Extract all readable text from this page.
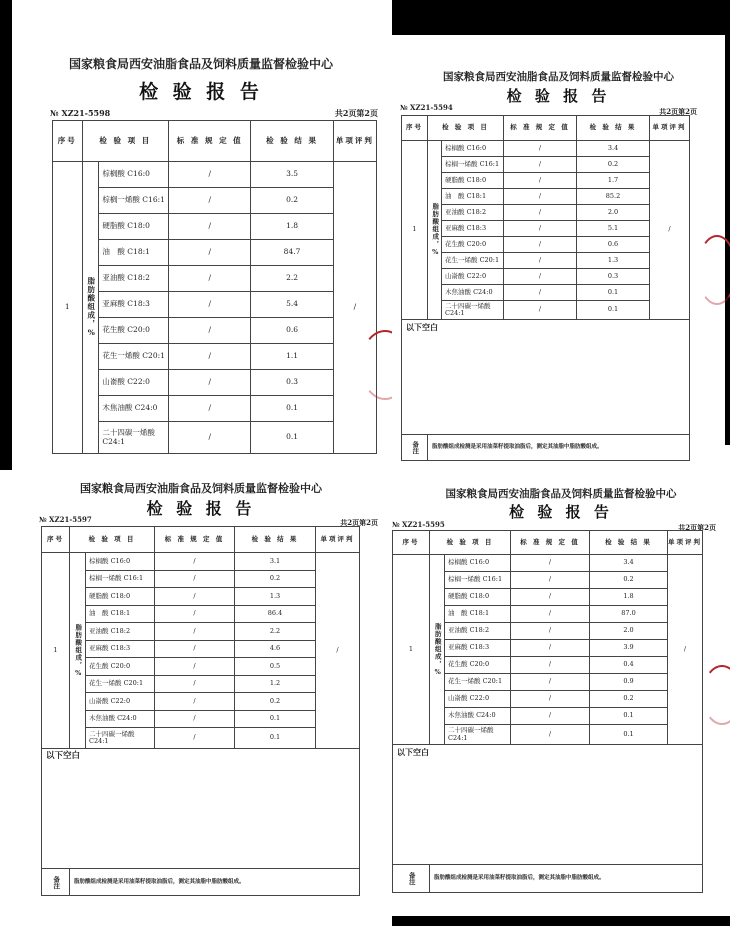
国家粮食局西安油脂食品及饲料质量监督检验中心
检 验 报 告
№ XZ21-5598	共2页第2页
序号	检 验 项 目		标 准 规 定 值	检 验 结 果	单项评判
1	脂肪酸组成，%	棕榈酸 C16:0	/	3.5	/
		棕榈一烯酸 C16:1	/	0.2	
		硬脂酸 C18:0	/	1.8	
		油　酸 C18:1	/	84.7	
		亚油酸 C18:2	/	2.2	
		亚麻酸 C18:3	/	5.4	
		花生酸 C20:0	/	0.6	
		花生一烯酸 C20:1	/	1.1	
		山嵛酸 C22:0	/	0.3	
		木焦油酸 C24:0	/	0.1	
		二十四碳一烯酸 C24:1	/	0.1	
国家粮食局西安油脂食品及饲料质量监督检验中心
检 验 报 告
№ XZ21-5594	共2页第2页
序号	检 验 项 目		标 准 规 定 值	检 验 结 果	单项评判
1	脂肪酸组成，%	棕榈酸 C16:0	/	3.4	/
		棕榈一烯酸 C16:1	/	0.2	
		硬脂酸 C18:0	/	1.7	
		油　酸 C18:1	/	85.2	
		亚油酸 C18:2	/	2.0	
		亚麻酸 C18:3	/	5.1	
		花生酸 C20:0	/	0.6	
		花生一烯酸 C20:1	/	1.3	
		山嵛酸 C22:0	/	0.3	
		木焦油酸 C24:0	/	0.1	
		二十四碳一烯酸 C24:1	/	0.1	
以下空白					
备注	脂肪酸组成检测是采用油菜籽提取油脂后，测定其油脂中脂肪酸组成。				
国家粮食局西安油脂食品及饲料质量监督检验中心
检 验 报 告
№ XZ21-5597	共2页第2页
序号	检 验 项 目		标 准 规 定 值	检 验 结 果	单项评判
1	脂肪酸组成，%	棕榈酸 C16:0	/	3.1	/
		棕榈一烯酸 C16:1	/	0.2	
		硬脂酸 C18:0	/	1.3	
		油　酸 C18:1	/	86.4	
		亚油酸 C18:2	/	2.2	
		亚麻酸 C18:3	/	4.6	
		花生酸 C20:0	/	0.5	
		花生一烯酸 C20:1	/	1.2	
		山嵛酸 C22:0	/	0.2	
		木焦油酸 C24:0	/	0.1	
		二十四碳一烯酸 C24:1	/	0.1	
以下空白					
备注	脂肪酸组成检测是采用油菜籽提取油脂后，测定其油脂中脂肪酸组成。				
国家粮食局西安油脂食品及饲料质量监督检验中心
检 验 报 告
№ XZ21-5595	共2页第2页
序号	检 验 项 目		标 准 规 定 值	检 验 结 果	单项评判
1	脂肪酸组成，%	棕榈酸 C16:0	/	3.4	/
		棕榈一烯酸 C16:1	/	0.2	
		硬脂酸 C18:0	/	1.8	
		油　酸 C18:1	/	87.0	
		亚油酸 C18:2	/	2.0	
		亚麻酸 C18:3	/	3.9	
		花生酸 C20:0	/	0.4	
		花生一烯酸 C20:1	/	0.9	
		山嵛酸 C22:0	/	0.2	
		木焦油酸 C24:0	/	0.1	
		二十四碳一烯酸 C24:1	/	0.1	
以下空白					
备注	脂肪酸组成检测是采用油菜籽提取油脂后，测定其油脂中脂肪酸组成。				
